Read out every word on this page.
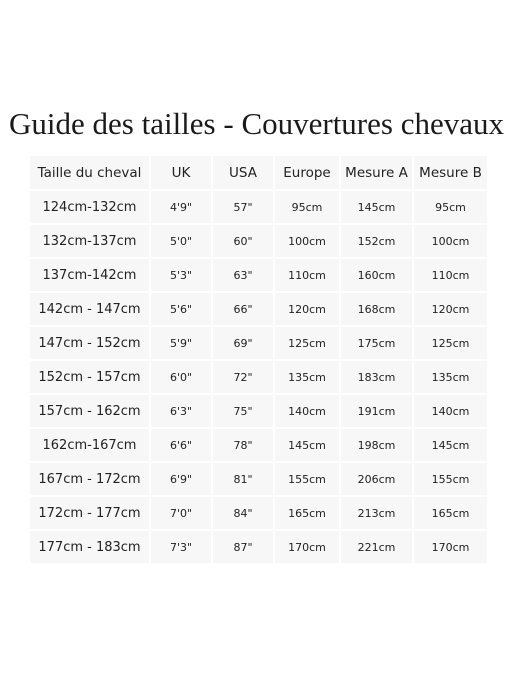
Guide des tailles - Couvertures chevaux
Taille du cheval	UK	USA	Europe	Mesure A	Mesure B
124cm-132cm	4'9"	57"	95cm	145cm	95cm
132cm-137cm	5'0"	60"	100cm	152cm	100cm
137cm-142cm	5'3"	63"	110cm	160cm	110cm
142cm - 147cm	5'6"	66"	120cm	168cm	120cm
147cm - 152cm	5'9"	69"	125cm	175cm	125cm
152cm - 157cm	6'0"	72"	135cm	183cm	135cm
157cm - 162cm	6'3"	75"	140cm	191cm	140cm
162cm-167cm	6'6"	78"	145cm	198cm	145cm
167cm - 172cm	6'9"	81"	155cm	206cm	155cm
172cm - 177cm	7'0"	84"	165cm	213cm	165cm
177cm - 183cm	7'3"	87"	170cm	221cm	170cm
